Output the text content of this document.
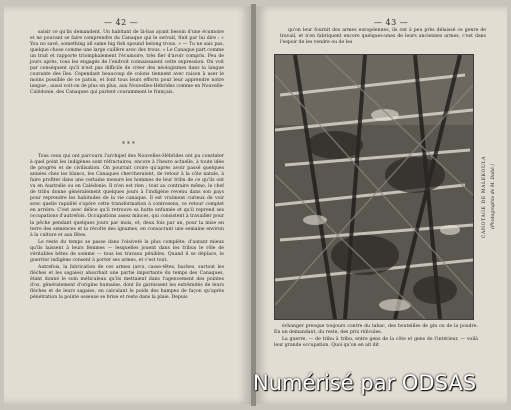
— 42 —

saisir ce qu'ils demandent. Un habitant de là-bas ayant besoin d'une écumoire et ne pouvant se faire comprendre du Canaque qui le servait, finit par lui dire : « You no savé, something all same big fish spound belong trous. » — Tu ne sais pas, quelque chose comme une large cuillère avec des trous. » Le Canaque part comme un trait et rapporte triomphalement l'écumoire, très fier d'avoir compris. Peu de jours après, tous les engagés de l'endroit connaissaient cette expression. On voit par conséquent qu'il n'est pas difficile de créer des néologismes dans la langue courante des îles. Cependant beaucoup de colons tiennent avec raison à user le moins possible de ce patois, et font tous leurs efforts pour leur apprendre notre langue ; aussi voit-on de plus en plus, aux Nouvelles-Hébrides comme en Nouvelle-Calédonie, des Canaques qui parlent couramment le français.

* * *

Tous ceux qui ont parcouru l'archipel des Nouvelles-Hébrides ont pu constater à quel point les indigènes sont réfractaires, encore à l'heure actuelle, à toute idée de progrès et de civilisation. On pourrait croire qu'après avoir passé quelques années chez les blancs, les Canaques chercheraient, de retour à la côte natale, à faire profiter dans une certaine mesure les hommes de leur tribu de ce qu'ils ont vu en Australie ou en Calédonie. Il n'en est rien ; tout au contraire même, le chef de tribu donne généralement quelques jours à l'indigène revenu dans son pays pour reprendre les habitudes de la vie canaque. Il est vraiment curieux de voir avec quelle rapidité s'opère cette transformation à contresens, ce retour complet en arrière. C'est avec délice qu'il retrouve sa hutte enfumée et qu'il reprend ses occupations d'autrefois. Occupations assez minces, qui consistent à travailler pour la pêche pendant quelques jours par mois, et, deux fois par an, pour la mise en terre des semences et la récolte des ignames, en consacrant une semaine environ à la culture et aux fêtes.

Le reste du temps se passe dans l'oisiveté la plus complète, d'autant mieux qu'ils laissent à leurs femmes — lesquelles jouent dans les tribus le rôle de véritables bêtes de somme — tous les travaux pénibles. Quand il se déplace, le guerrier indigène consent à porter ses armes, et c'est tout.

Autrefois, la fabrication de ces armes (arcs, casse-têtes, haches, surtout les flèches et les sagaies) absorbait une partie importante du temps des Canaques, étant donné le soin méticuleux qu'ils mettaient dans l'agencement des pointes d'os, généralement d'origine humaine, dont ils garnissent les extrémités de leurs flèches et de leurs sagaies, en calculant le poids des hampes de façon qu'après pénétration la pointe osseuse se brise et reste dans la plaie. Depuis

— 43 —

qu'on leur fournit des armes européennes, ils ont à peu près délaissé ce genre de travail, et n'en fabriquent encore quelques-unes de leurs anciennes armes, c'est dans l'espoir de les vendre ou de les

CANOTAGE DE MALEKOULA (Photographie de M. Dubé.)

échanger presque toujours contre du tabac, des bouteilles de gin ou de la poudre. En un demandant, du reste, des prix ridicules.

La guerre, — de tribu à tribu, entre gens de la côte et gens de l'intérieur, — voilà leur grande occupation. Quoi qu'on en ait dit

Numérisé par ODSAS
